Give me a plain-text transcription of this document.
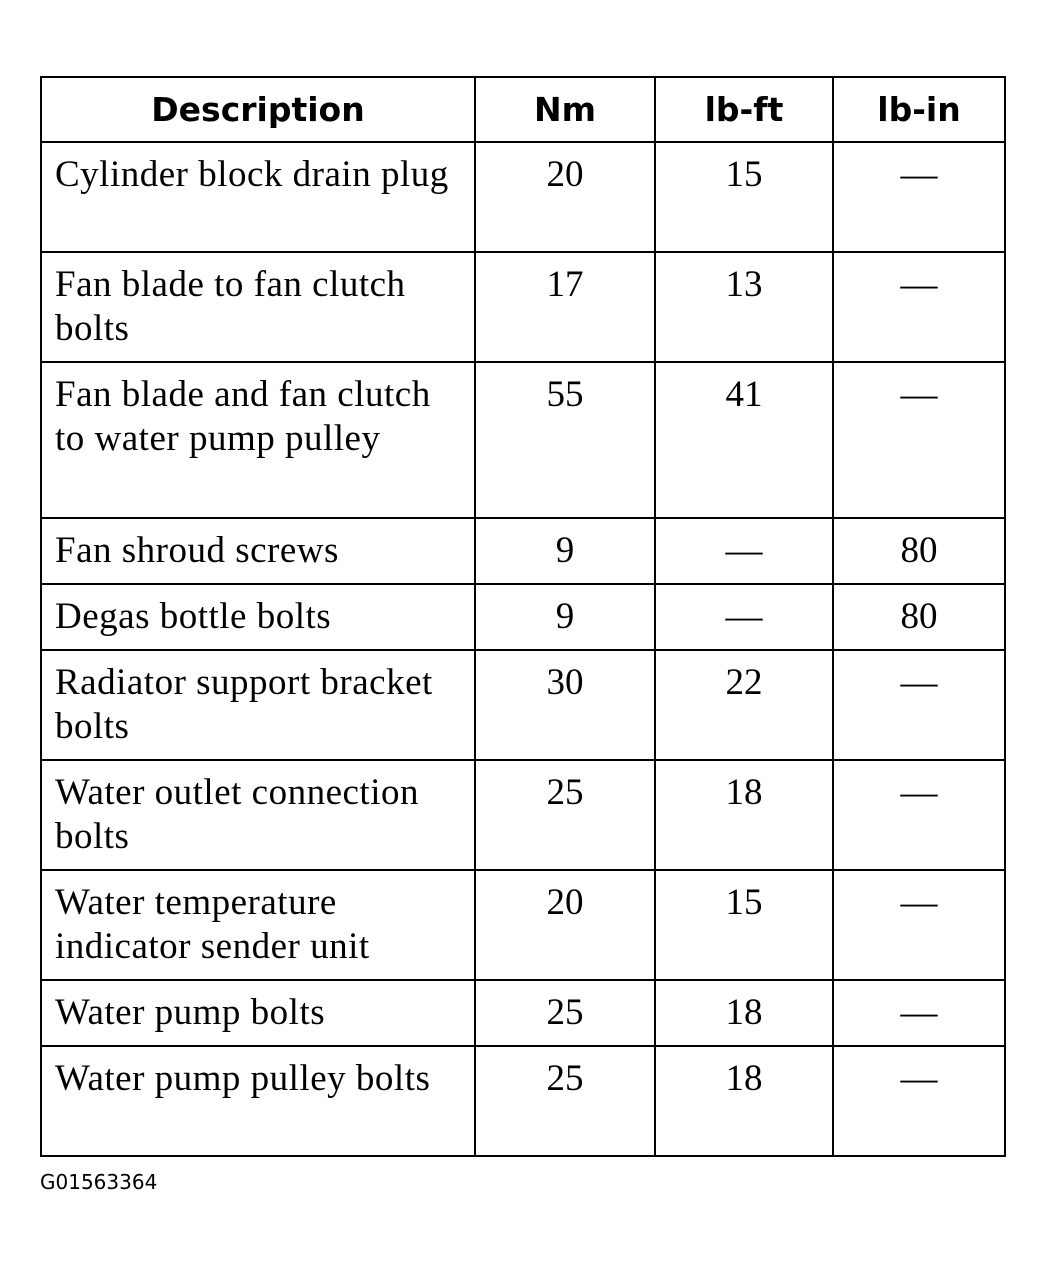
Description	Nm	lb-ft	lb-in
Cylinder block drain plug	20	15	—
Fan blade to fan clutch bolts	17	13	—
Fan blade and fan clutch to water pump pulley	55	41	—
Fan shroud screws	9	—	80
Degas bottle bolts	9	—	80
Radiator support bracket bolts	30	22	—
Water outlet connection bolts	25	18	—
Water temperature indicator sender unit	20	15	—
Water pump bolts	25	18	—
Water pump pulley bolts	25	18	—
G01563364
